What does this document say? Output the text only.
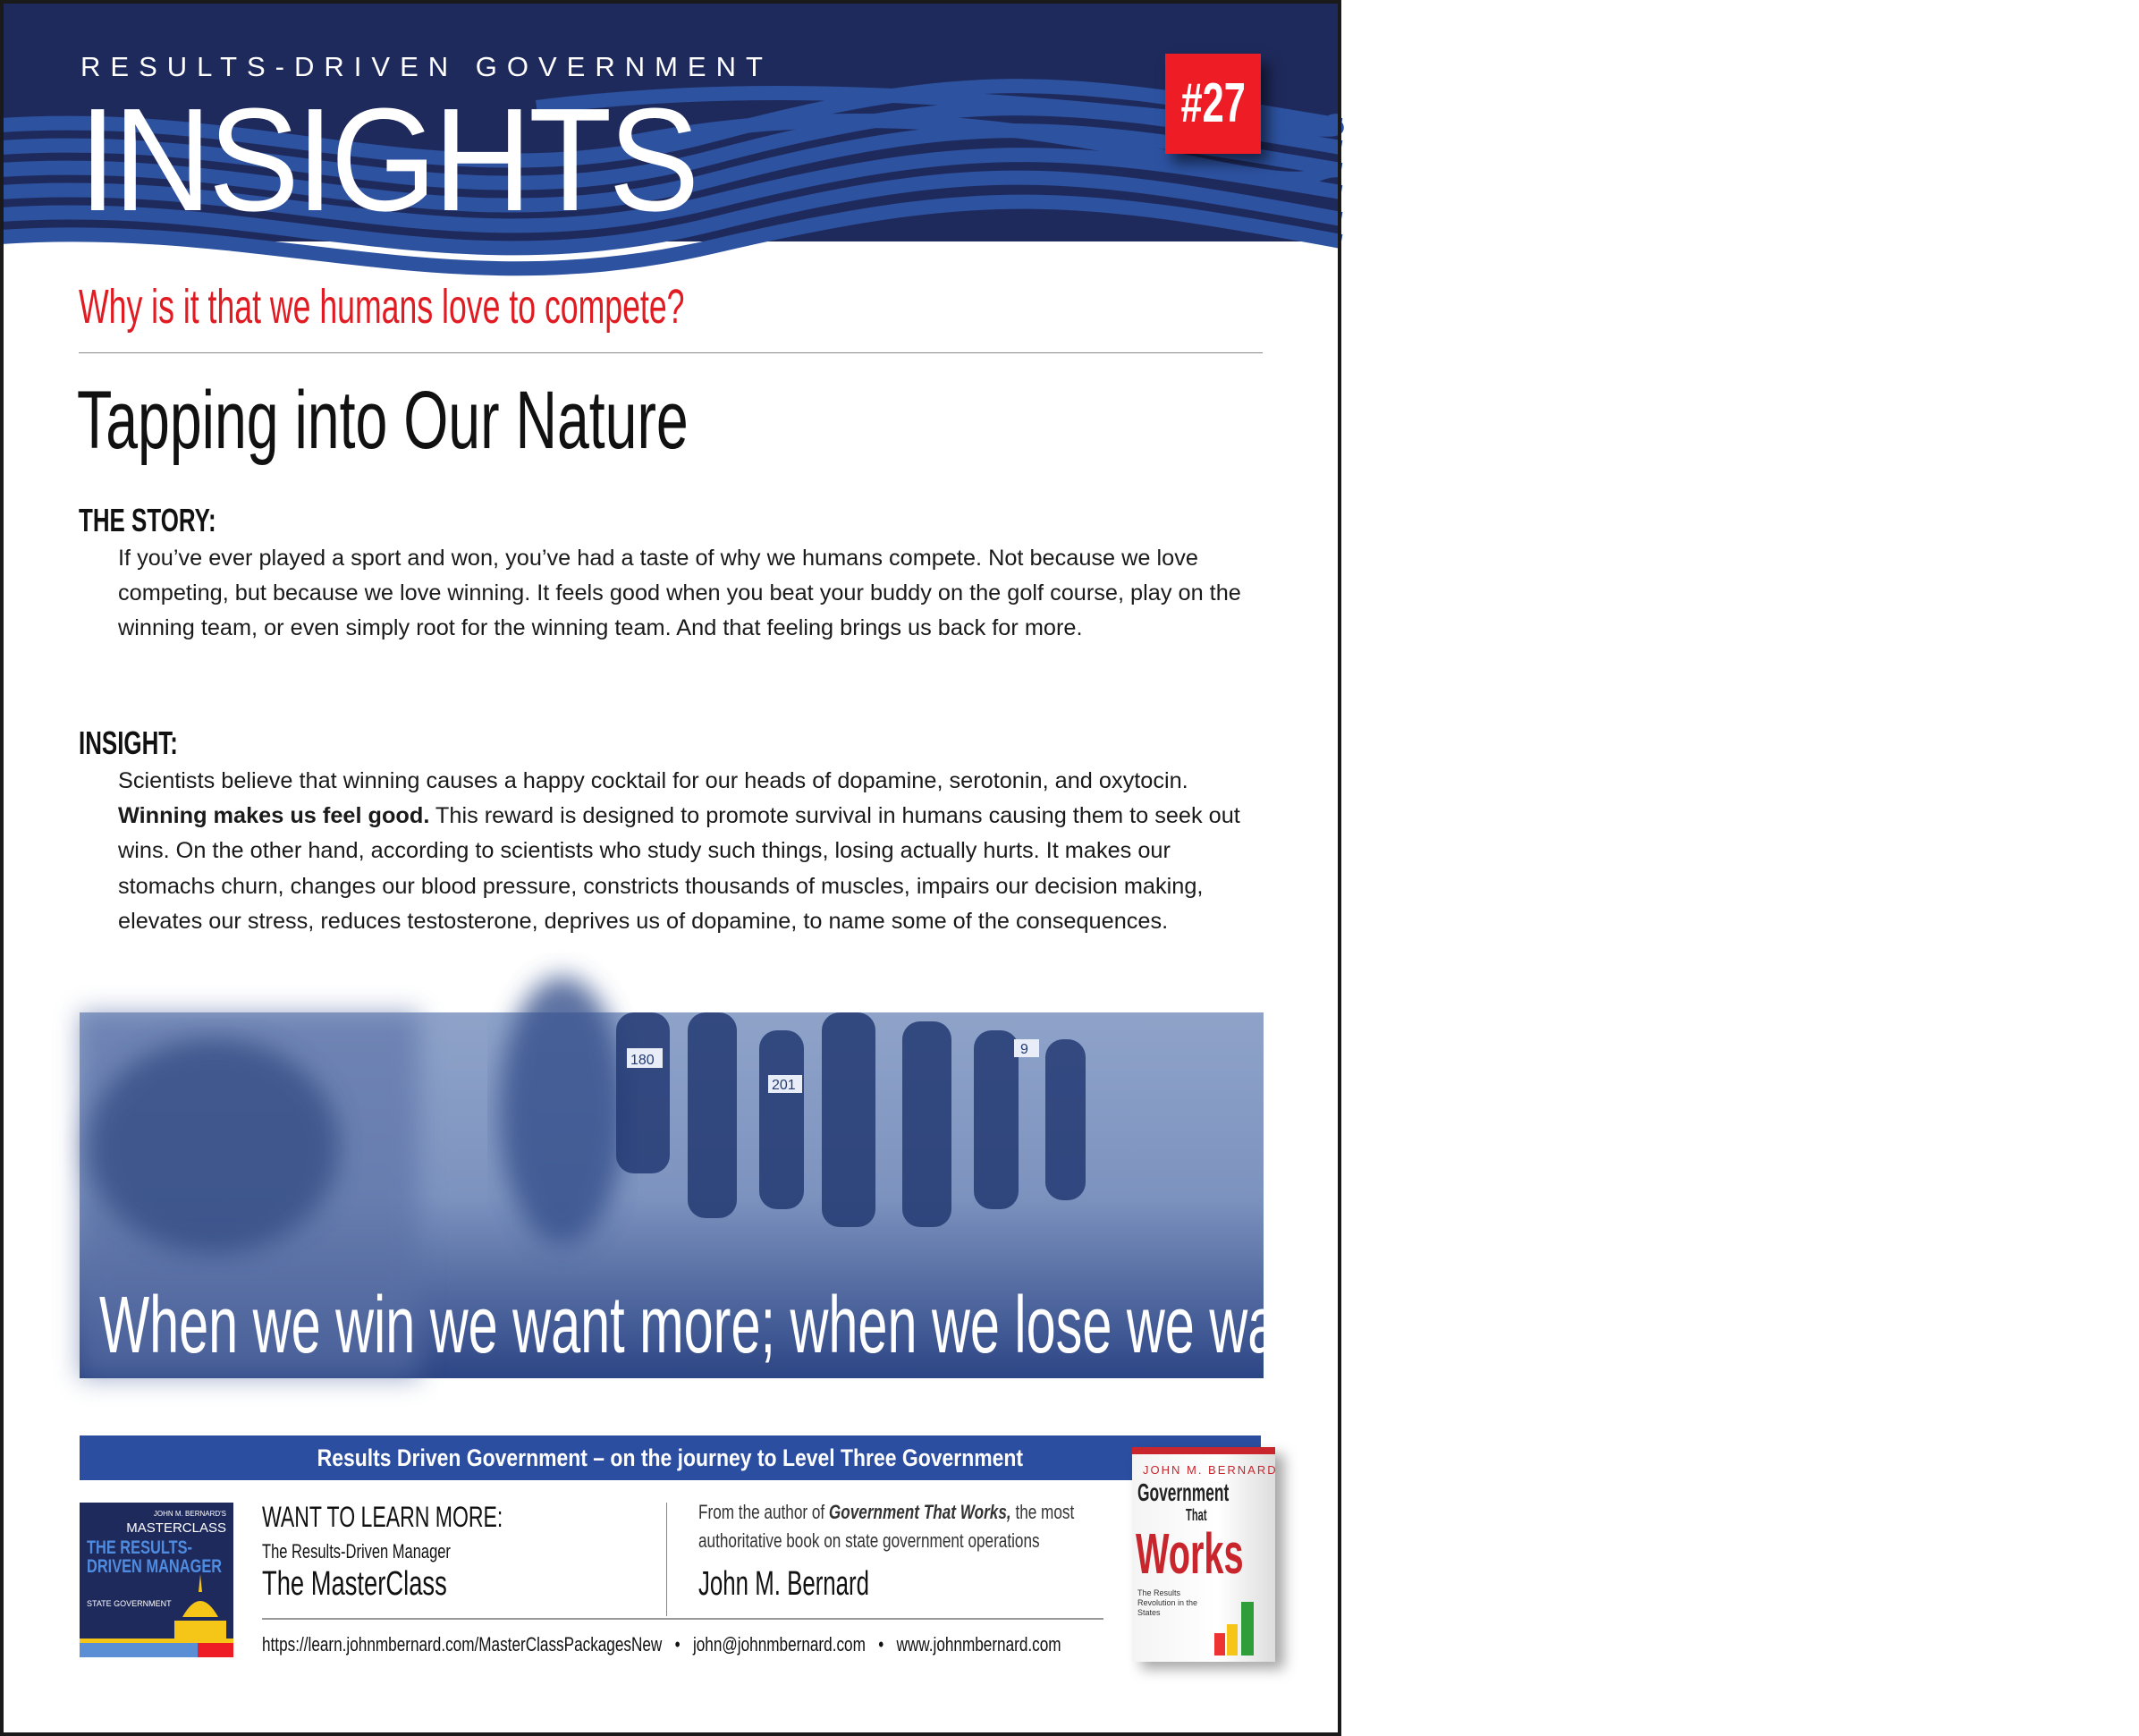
RESULTS-DRIVEN GOVERNMENT
INSIGHTS	#27
Why is it that we humans love to compete?
Tapping into Our Nature
THE STORY:
If you’ve ever played a sport and won, you’ve had a taste of why we humans compete. Not because we love competing, but because we love winning. It feels good when you beat your buddy on the golf course, play on the winning team, or even simply root for the winning team. And that feeling brings us back for more.
INSIGHT:
Scientists believe that winning causes a happy cocktail for our heads of dopamine, serotonin, and oxytocin. Winning makes us feel good. This reward is designed to promote survival in humans causing them to seek out wins. On the other hand, according to scientists who study such things, losing actually hurts. It makes our stomachs churn, changes our blood pressure, constricts thousands of muscles, impairs our decision making, elevates our stress, reduces testosterone, deprives us of dopamine, to name some of the consequences.
180
201
9
When we win we want more; when we lose we want less.
Results Driven Government – on the journey to Level Three Government
JOHN M. BERNARD'S
MASTERCLASS
THE RESULTS-DRIVEN MANAGER
STATE GOVERNMENT
WANT TO LEARN MORE:
The Results-Driven Manager
The MasterClass
From the author of Government That Works, the most
authoritative book on state government operations
John M. Bernard
https://learn.johnmbernard.com/MasterClassPackagesNew • john@johnmbernard.com • www.johnmbernard.com
JOHN M. BERNARD
Government
That
Works
The Results Revolution in the States
